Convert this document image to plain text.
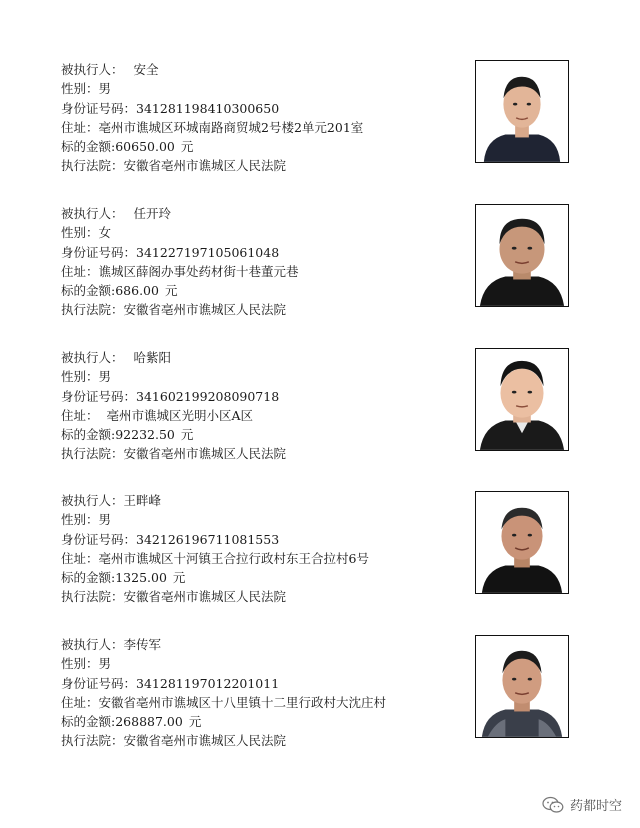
被执行人： 安全
性别：男
身份证号码：341281198410300650
住址：亳州市谯城区环城南路商贸城2号楼2单元201室
标的金额:60650.00 元
执行法院：安徽省亳州市谯城区人民法院
被执行人： 任开玲
性别：女
身份证号码：341227197105061048
住址：谯城区薛阁办事处药材街十巷董元巷
标的金额:686.00 元
执行法院：安徽省亳州市谯城区人民法院
被执行人： 哈紫阳
性别：男
身份证号码：341602199208090718
住址：  亳州市谯城区光明小区A区
标的金额:92232.50 元
执行法院：安徽省亳州市谯城区人民法院
被执行人：王畔峰
性别：男
身份证号码：342126196711081553
住址：亳州市谯城区十河镇王合拉行政村东王合拉村6号
标的金额:1325.00 元
执行法院：安徽省亳州市谯城区人民法院
被执行人：李传军
性别：男
身份证号码：341281197012201011
住址：安徽省亳州市谯城区十八里镇十二里行政村大沈庄村
标的金额:268887.00 元
执行法院：安徽省亳州市谯城区人民法院
药都时空
